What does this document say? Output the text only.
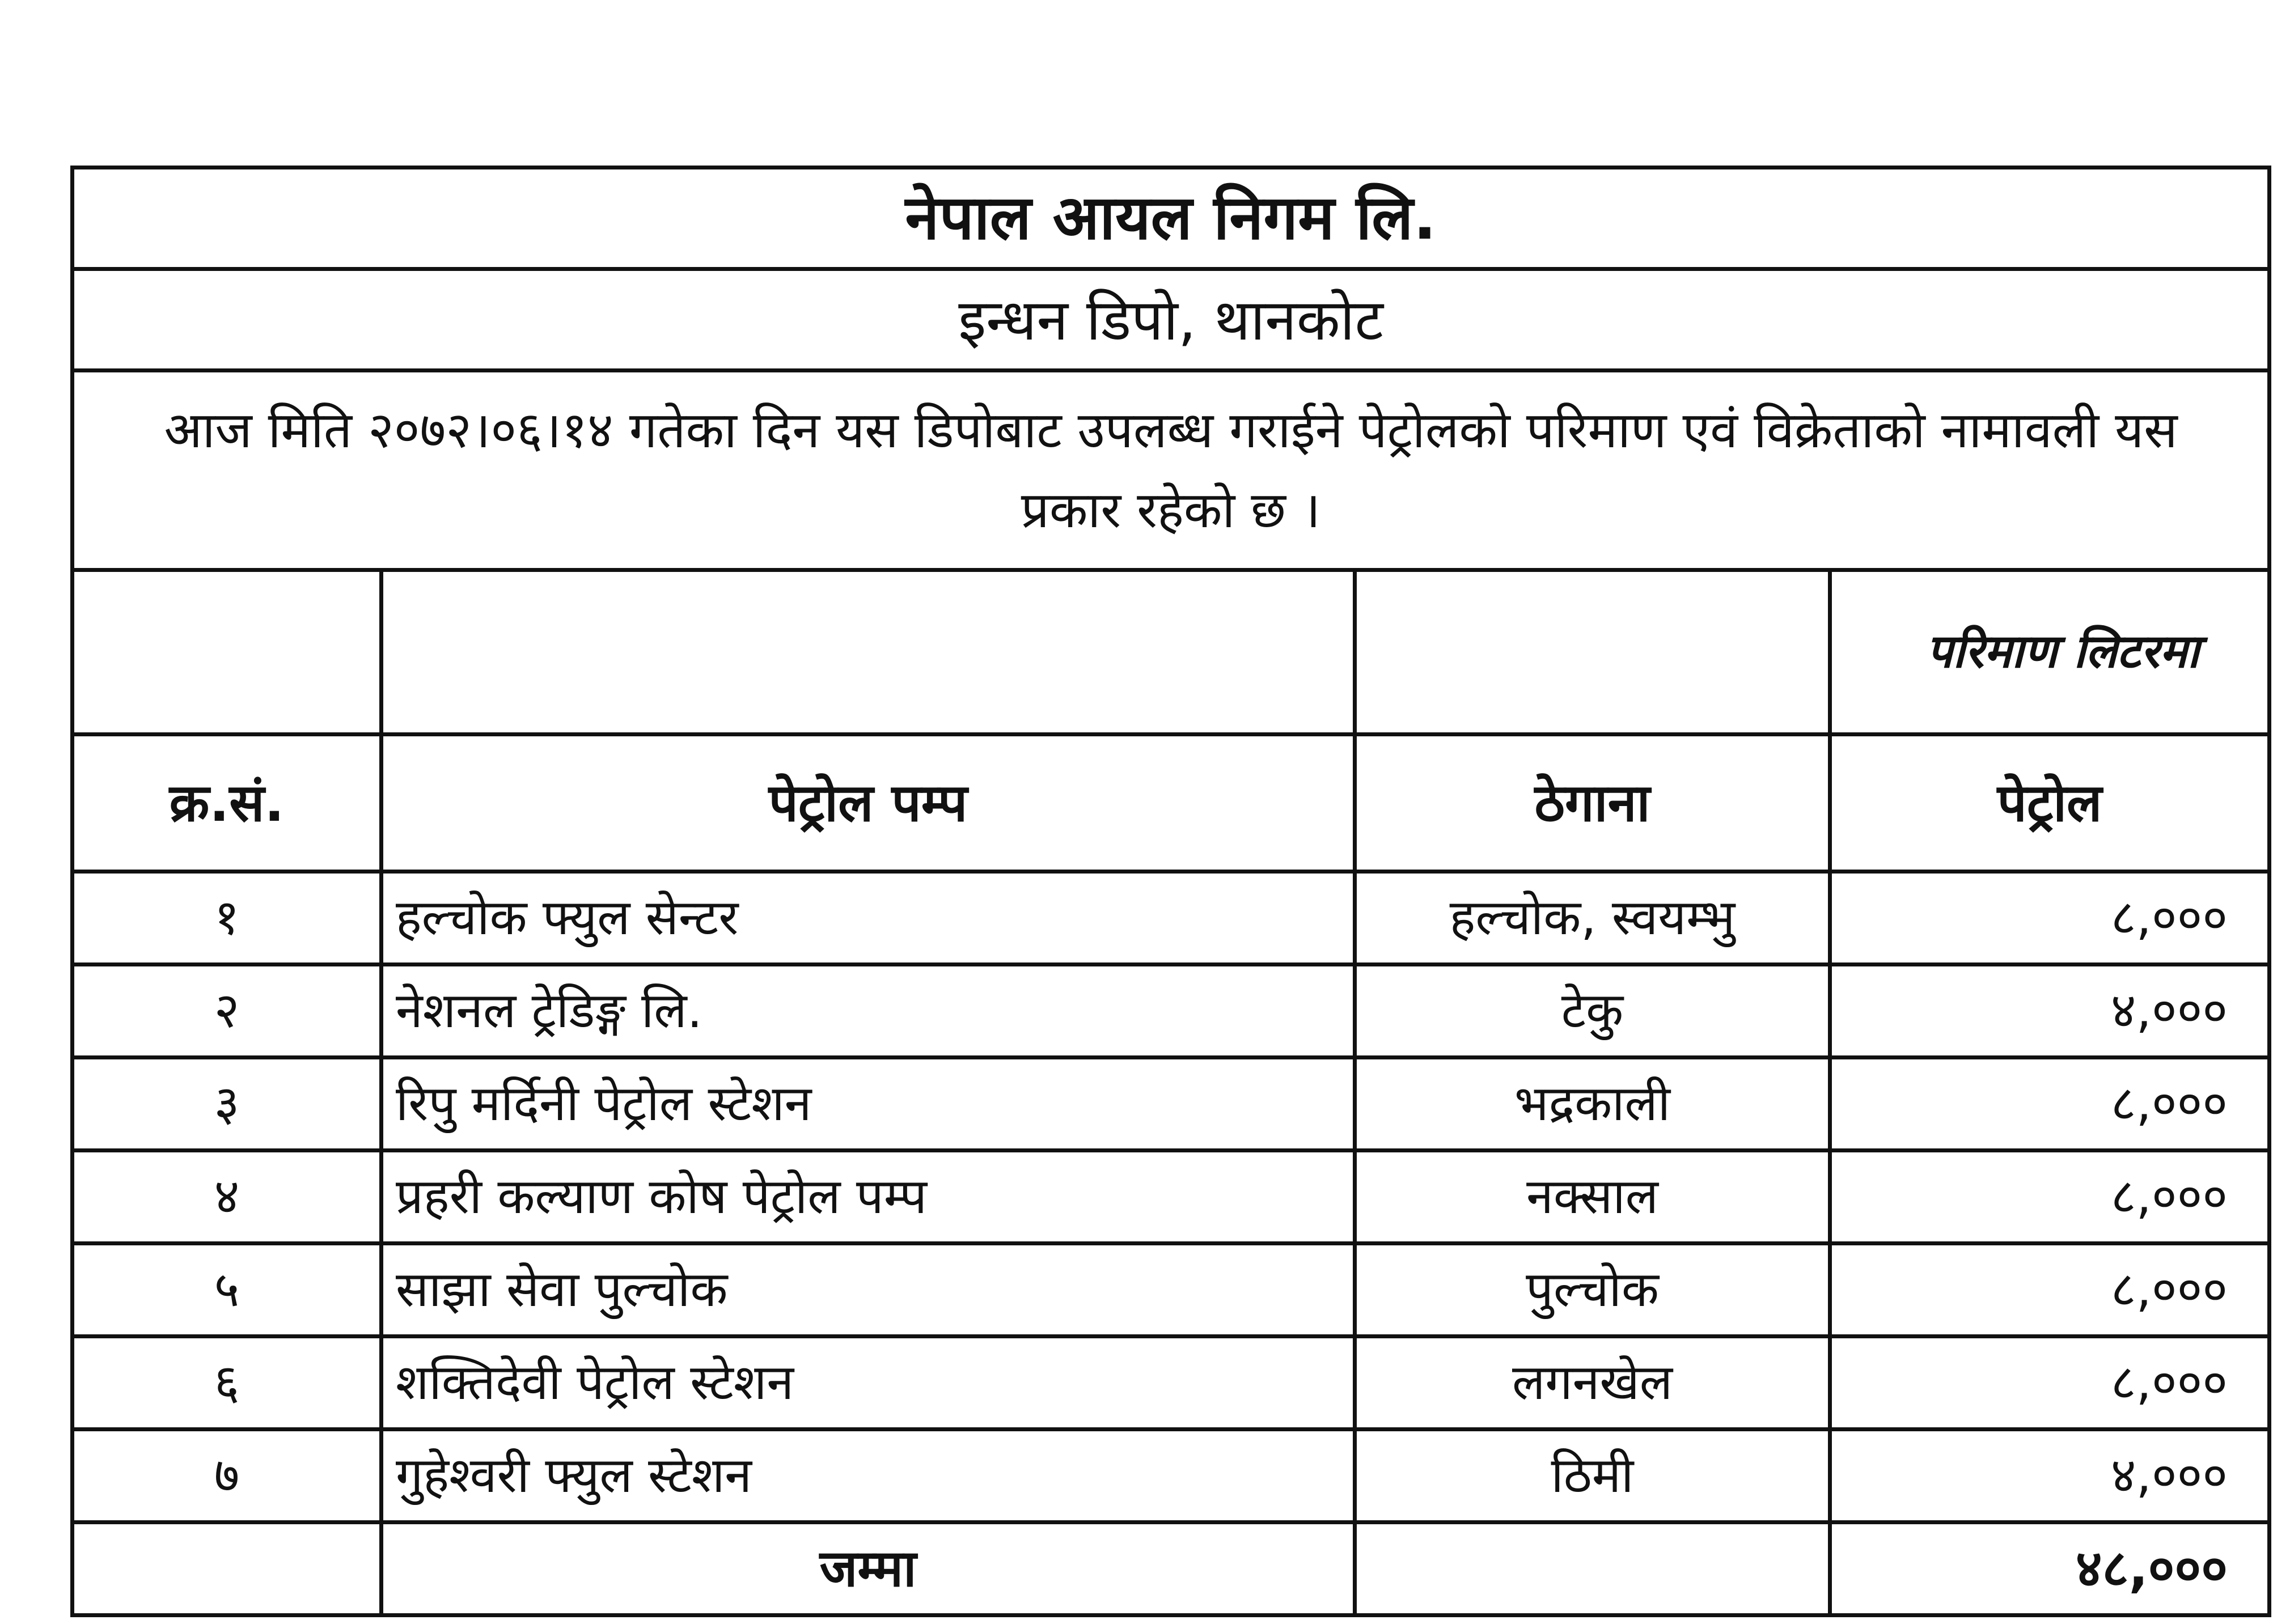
नेपाल आयल निगम लि.			
इन्धन डिपो, थानकोट			
आज मिति २०७२।०६।१४ गतेका दिन यस डिपोबाट उपलब्ध गराईने पेट्रोलको परिमाण एवं विक्रेताको नामावली यस प्रकार रहेको छ ।			
			परिमाण लिटरमा
क्र.सं.	पेट्रोल पम्प	ठेगाना	पेट्रोल
१	हल्चोक फ्युल सेन्टर	हल्चोक, स्वयम्भु	८,०००
२	नेशनल ट्रेडिङ्ग लि.	टेकु	४,०००
३	रिपु मर्दिनी पेट्रोल स्टेशन	भद्रकाली	८,०००
४	प्रहरी कल्याण कोष पेट्रोल पम्प	नक्साल	८,०००
५	साझा सेवा पुल्चोक	पुल्चोक	८,०००
६	शक्तिदेवी पेट्रोल स्टेशन	लगनखेल	८,०००
७	गुहेश्वरी फ्युल स्टेशन	ठिमी	४,०००
	जम्मा		४८,०००
